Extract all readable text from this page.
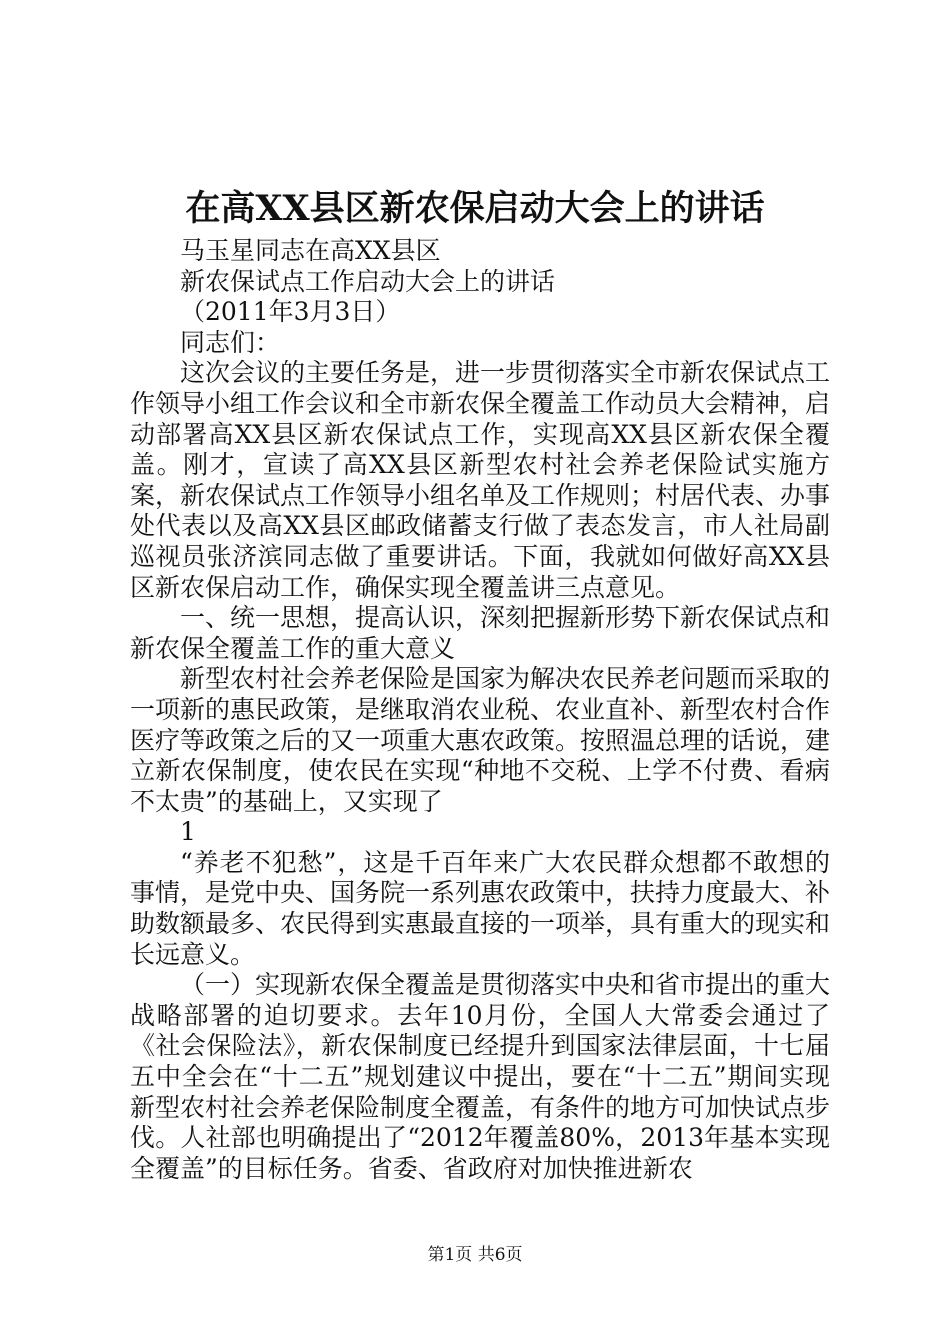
在高XX县区新农保启动大会上的讲话

马玉星同志在高XX县区

新农保试点工作启动大会上的讲话

（2011年3月3日）

同志们：

这次会议的主要任务是，进一步贯彻落实全市新农保试点工作领导小组工作会议和全市新农保全覆盖工作动员大会精神，启动部署高XX县区新农保试点工作，实现高XX县区新农保全覆盖。刚才，宣读了高XX县区新型农村社会养老保险试实施方案，新农保试点工作领导小组名单及工作规则；村居代表、办事处代表以及高XX县区邮政储蓄支行做了表态发言，市人社局副巡视员张济滨同志做了重要讲话。下面，我就如何做好高XX县区新农保启动工作，确保实现全覆盖讲三点意见。

一、统一思想，提高认识，深刻把握新形势下新农保试点和新农保全覆盖工作的重大意义

新型农村社会养老保险是国家为解决农民养老问题而采取的一项新的惠民政策，是继取消农业税、农业直补、新型农村合作医疗等政策之后的又一项重大惠农政策。按照温总理的话说，建立新农保制度，使农民在实现“种地不交税、上学不付费、看病不太贵”的基础上，又实现了

1

“养老不犯愁”，这是千百年来广大农民群众想都不敢想的事情，是党中央、国务院一系列惠农政策中，扶持力度最大、补助数额最多、农民得到实惠最直接的一项举，具有重大的现实和长远意义。

（一）实现新农保全覆盖是贯彻落实中央和省市提出的重大战略部署的迫切要求。去年10月份，全国人大常委会通过了《社会保险法》，新农保制度已经提升到国家法律层面，十七届五中全会在“十二五”规划建议中提出，要在“十二五”期间实现新型农村社会养老保险制度全覆盖，有条件的地方可加快试点步伐。人社部也明确提出了“2012年覆盖80%，2013年基本实现全覆盖”的目标任务。省委、省政府对加快推进新农

第1页 共6页
